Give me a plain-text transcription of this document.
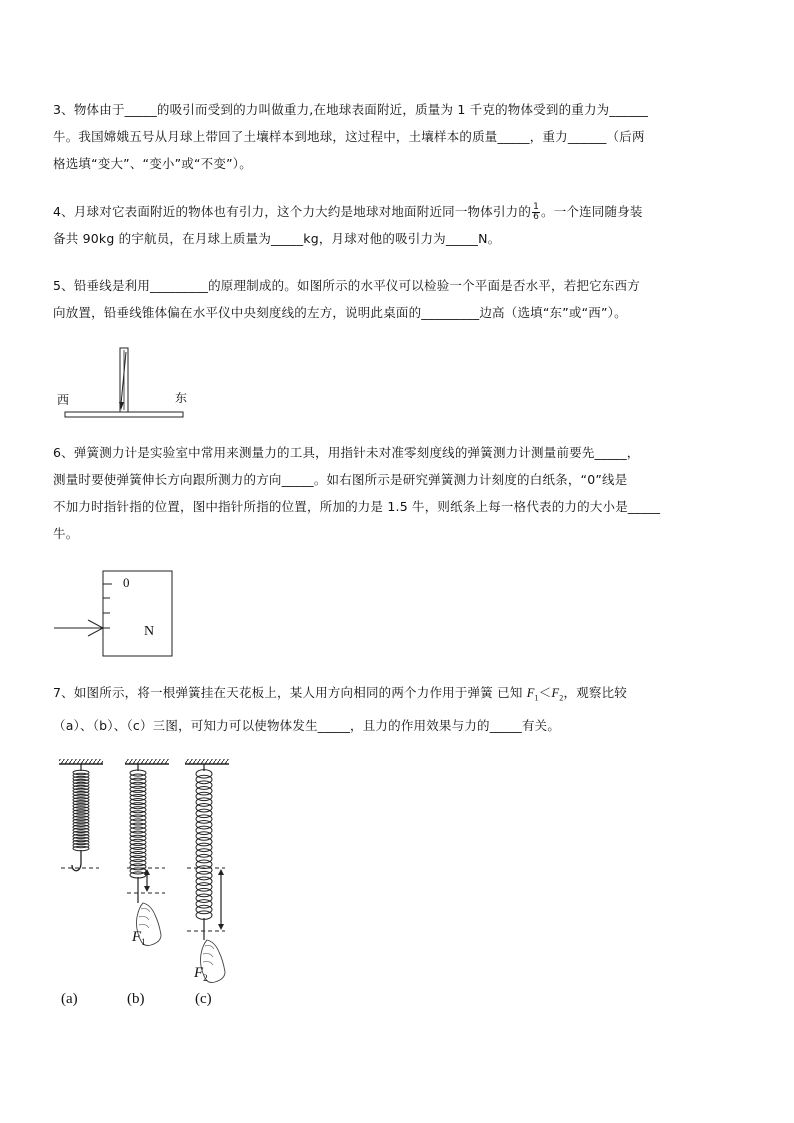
3、物体由于_____的吸引而受到的力叫做重力,在地球表面附近，质量为 1 千克的物体受到的重力为______
牛。我国嫦娥五号从月球上带回了土壤样本到地球，这过程中，土壤样本的质量_____，重力______（后两
格选填“变大”、“变小”或“不变”）。
4、月球对它表面附近的物体也有引力，这个力大约是地球对地面附近同一物体引力的 $\frac{1}{6}$ 。一个连同随身装
备共 90kg 的宇航员，在月球上质量为_____kg，月球对他的吸引力为_____N。
5、铅垂线是利用_________的原理制成的。如图所示的水平仪可以检验一个平面是否水平，若把它东西方
向放置，铅垂线锥体偏在水平仪中央刻度线的左方，说明此桌面的_________边高（选填“东”或“西”）。
西	东
6、弹簧测力计是实验室中常用来测量力的工具，用指针未对准零刻度线的弹簧测力计测量前要先_____，
测量时要使弹簧伸长方向跟所测力的方向_____。如右图所示是研究弹簧测力计刻度的白纸条，“0”线是
不加力时指针指的位置，图中指针所指的位置，所加的力是 1.5 牛，则纸条上每一格代表的力的大小是_____
牛。
0
N
7、如图所示，将一根弹簧挂在天花板上，某人用方向相同的两个力作用于弹簧 已知 $F_1<F_2$，观察比较
（a）、（b）、（c）三图，可知力可以使物体发生_____，且力的作用效果与力的_____有关。
$F_1$
$F_2$
(a)	(b)	(c)
